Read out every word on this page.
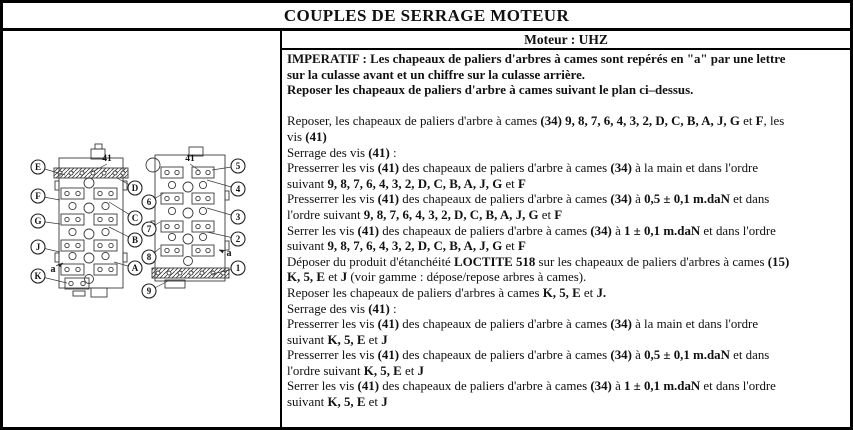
COUPLES DE SERRAGE MOTEUR
E
F
G
J
K
D
C
B
A
41
a
5
4
3
2
1
6
7
8
9
41
a
Moteur : UHZ
IMPERATIF : Les chapeaux de paliers d'arbres à cames sont repérés en "a" par une lettre
sur la culasse avant et un chiffre sur la culasse arrière.
Reposer les chapeaux de paliers d'arbre à cames suivant le plan ci–dessus.

Reposer, les chapeaux de paliers d'arbre à cames (34) 9, 8, 7, 6, 4, 3, 2, D, C, B, A, J, G et F, les
vis (41)
Serrage des vis (41) :
Presserrer les vis (41) des chapeaux de paliers d'arbre à cames (34) à la main et dans l'ordre
suivant 9, 8, 7, 6, 4, 3, 2, D, C, B, A, J, G et F
Presserrer les vis (41) des chapeaux de paliers d'arbre à cames (34) à 0,5 ± 0,1 m.daN et dans
l'ordre suivant 9, 8, 7, 6, 4, 3, 2, D, C, B, A, J, G et F
Serrer les vis (41) des chapeaux de paliers d'arbre à cames (34) à 1 ± 0,1 m.daN et dans l'ordre
suivant 9, 8, 7, 6, 4, 3, 2, D, C, B, A, J, G et F
Déposer du produit d'étanchéité LOCTITE 518 sur les chapeaux de paliers d'arbres à cames (15)
K, 5, E et J (voir gamme : dépose/repose arbres à cames).
Reposer les chapeaux de paliers d'arbres à cames K, 5, E et J.
Serrage des vis (41) :
Presserrer les vis (41) des chapeaux de paliers d'arbre à cames (34) à la main et dans l'ordre
suivant K, 5, E et J
Presserrer les vis (41) des chapeaux de paliers d'arbre à cames (34) à 0,5 ± 0,1 m.daN et dans
l'ordre suivant K, 5, E et J
Serrer les vis (41) des chapeaux de paliers d'arbre à cames (34) à 1 ± 0,1 m.daN et dans l'ordre
suivant K, 5, E et J
